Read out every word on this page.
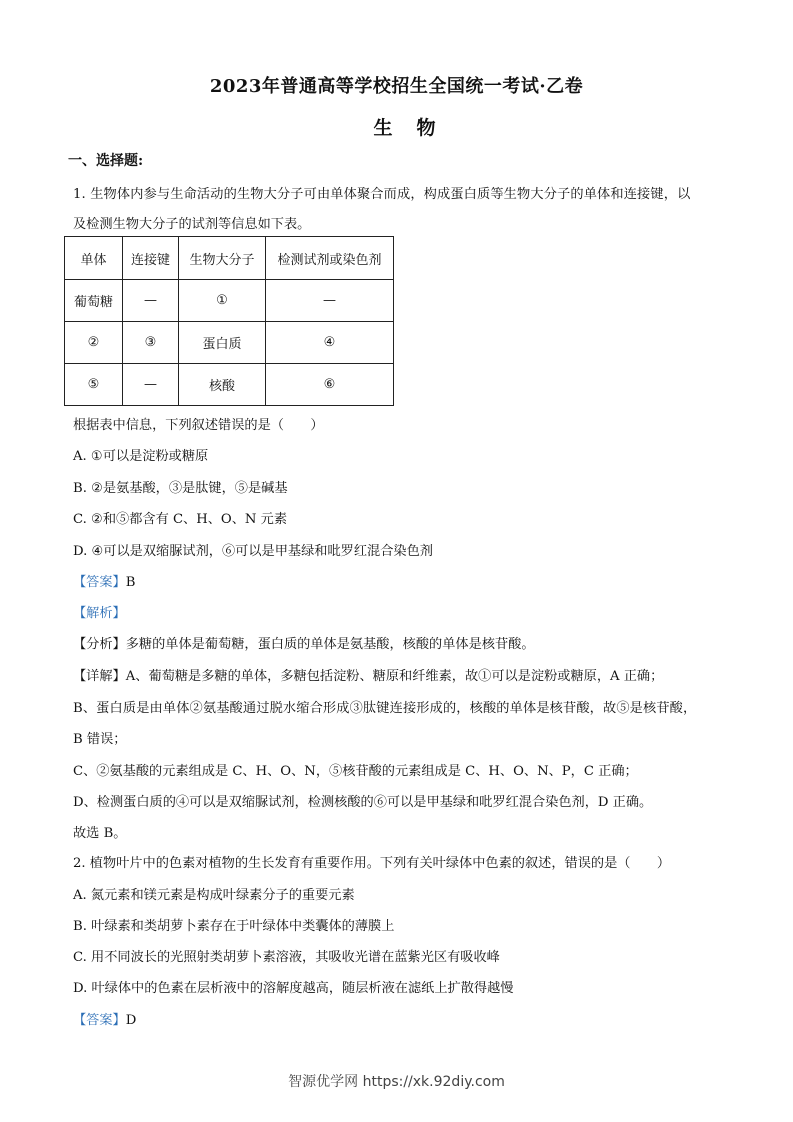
2023年普通高等学校招生全国统一考试·乙卷
生物
一、选择题:
1. 生物体内参与生命活动的生物大分子可由单体聚合而成，构成蛋白质等生物大分子的单体和连接键，以
及检测生物大分子的试剂等信息如下表。
单体	连接键	生物大分子	检测试剂或染色剂
葡萄糖	—	①	—
②	③	蛋白质	④
⑤	—	核酸	⑥
根据表中信息，下列叙述错误的是（　　）
A. ①可以是淀粉或糖原
B. ②是氨基酸，③是肽键，⑤是碱基
C. ②和⑤都含有 C、H、O、N 元素
D. ④可以是双缩脲试剂，⑥可以是甲基绿和吡罗红混合染色剂
【答案】B
【解析】
【分析】多糖的单体是葡萄糖，蛋白质的单体是氨基酸，核酸的单体是核苷酸。
【详解】A、葡萄糖是多糖的单体，多糖包括淀粉、糖原和纤维素，故①可以是淀粉或糖原，A 正确；
B、蛋白质是由单体②氨基酸通过脱水缩合形成③肽键连接形成的，核酸的单体是核苷酸，故⑤是核苷酸，
B 错误；
C、②氨基酸的元素组成是 C、H、O、N，⑤核苷酸的元素组成是 C、H、O、N、P，C 正确；
D、检测蛋白质的④可以是双缩脲试剂，检测核酸的⑥可以是甲基绿和吡罗红混合染色剂，D 正确。
故选 B。
2. 植物叶片中的色素对植物的生长发育有重要作用。下列有关叶绿体中色素的叙述，错误的是（　　）
A. 氮元素和镁元素是构成叶绿素分子的重要元素
B. 叶绿素和类胡萝卜素存在于叶绿体中类囊体的薄膜上
C. 用不同波长的光照射类胡萝卜素溶液，其吸收光谱在蓝紫光区有吸收峰
D. 叶绿体中的色素在层析液中的溶解度越高，随层析液在滤纸上扩散得越慢
【答案】D
智源优学网 https://xk.92diy.com
